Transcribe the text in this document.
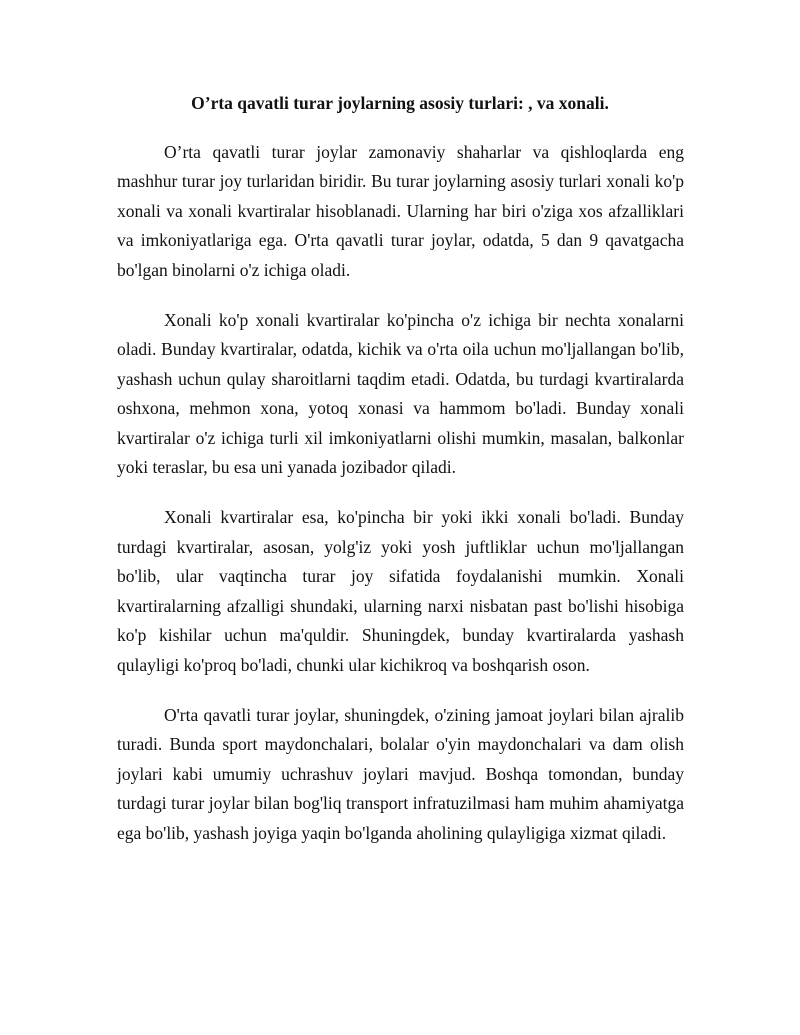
O’rta qavatli turar joylarning asosiy turlari: , va xonali.

O’rta qavatli turar joylar zamonaviy shaharlar va qishloqlarda eng mashhur turar joy turlaridan biridir. Bu turar joylarning asosiy turlari xonali ko'p xonali va xonali kvartiralar hisoblanadi. Ularning har biri o'ziga xos afzalliklari va imkoniyatlariga ega. O'rta qavatli turar joylar, odatda, 5 dan 9 qavatgacha bo'lgan binolarni o'z ichiga oladi.

Xonali ko'p xonali kvartiralar ko'pincha o'z ichiga bir nechta xonalarni oladi. Bunday kvartiralar, odatda, kichik va o'rta oila uchun mo'ljallangan bo'lib, yashash uchun qulay sharoitlarni taqdim etadi. Odatda, bu turdagi kvartiralarda oshxona, mehmon xona, yotoq xonasi va hammom bo'ladi. Bunday xonali kvartiralar o'z ichiga turli xil imkoniyatlarni olishi mumkin, masalan, balkonlar yoki teraslar, bu esa uni yanada jozibador qiladi.

Xonali kvartiralar esa, ko'pincha bir yoki ikki xonali bo'ladi. Bunday turdagi kvartiralar, asosan, yolg'iz yoki yosh juftliklar uchun mo'ljallangan bo'lib, ular vaqtincha turar joy sifatida foydalanishi mumkin. Xonali kvartiralarning afzalligi shundaki, ularning narxi nisbatan past bo'lishi hisobiga ko'p kishilar uchun ma'quldir. Shuningdek, bunday kvartiralarda yashash qulayligi ko'proq bo'ladi, chunki ular kichikroq va boshqarish oson.

O'rta qavatli turar joylar, shuningdek, o'zining jamoat joylari bilan ajralib turadi. Bunda sport maydonchalari, bolalar o'yin maydonchalari va dam olish joylari kabi umumiy uchrashuv joylari mavjud. Boshqa tomondan, bunday turdagi turar joylar bilan bog'liq transport infratuzilmasi ham muhim ahamiyatga ega bo'lib, yashash joyiga yaqin bo'lganda aholining qulayligiga xizmat qiladi.
